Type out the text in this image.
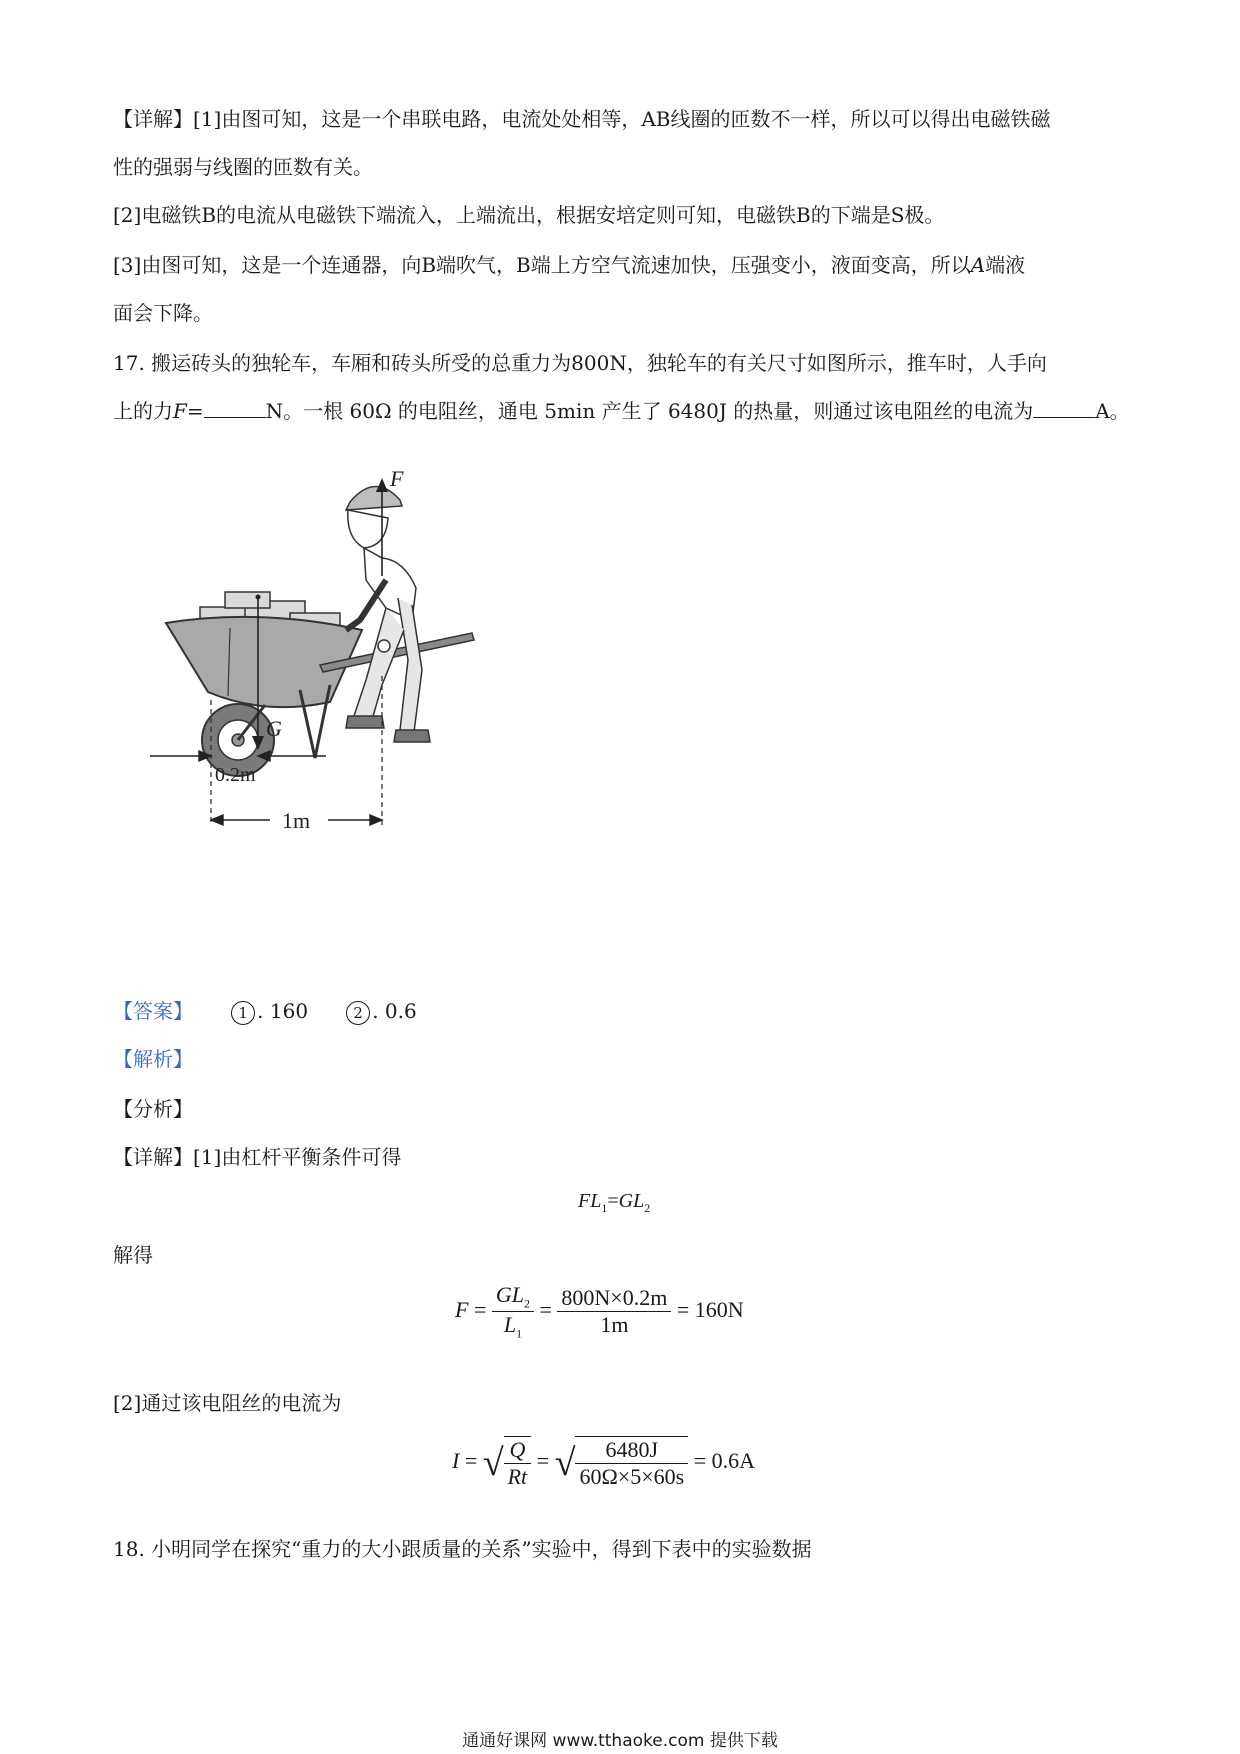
【详解】[1]由图可知，这是一个串联电路，电流处处相等，AB线圈的匝数不一样，所以可以得出电磁铁磁
性的强弱与线圈的匝数有关。
[2]电磁铁B的电流从电磁铁下端流入，上端流出，根据安培定则可知，电磁铁B的下端是S极。
[3]由图可知，这是一个连通器，向B端吹气，B端上方空气流速加快，压强变小，液面变高，所以A端液
面会下降。
17. 搬运砖头的独轮车，车厢和砖头所受的总重力为800N，独轮车的有关尺寸如图所示，推车时，人手向
上的力F=	N。一根 60Ω 的电阻丝，通电 5min 产生了 6480J 的热量，则通过该电阻丝的电流为	A。
G
F
0.2m
1m
【答案】	1 . 160	2 . 0.6
【解析】
【分析】
【详解】[1]由杠杆平衡条件可得
$FL_1=GL_2$
解得
$F = \frac{GL_2}{L_1} = \frac{800N\times 0.2m}{1m} = 160N$
[2]通过该电阻丝的电流为
I = √ $\frac{Q}{Rt}$ = √ $\frac{6480J}{60\Omega\times 5\times 60s} = 0.6A$
18. 小明同学在探究“重力的大小跟质量的关系”实验中，得到下表中的实验数据
通通好课网 www.tthaoke.com 提供下载
